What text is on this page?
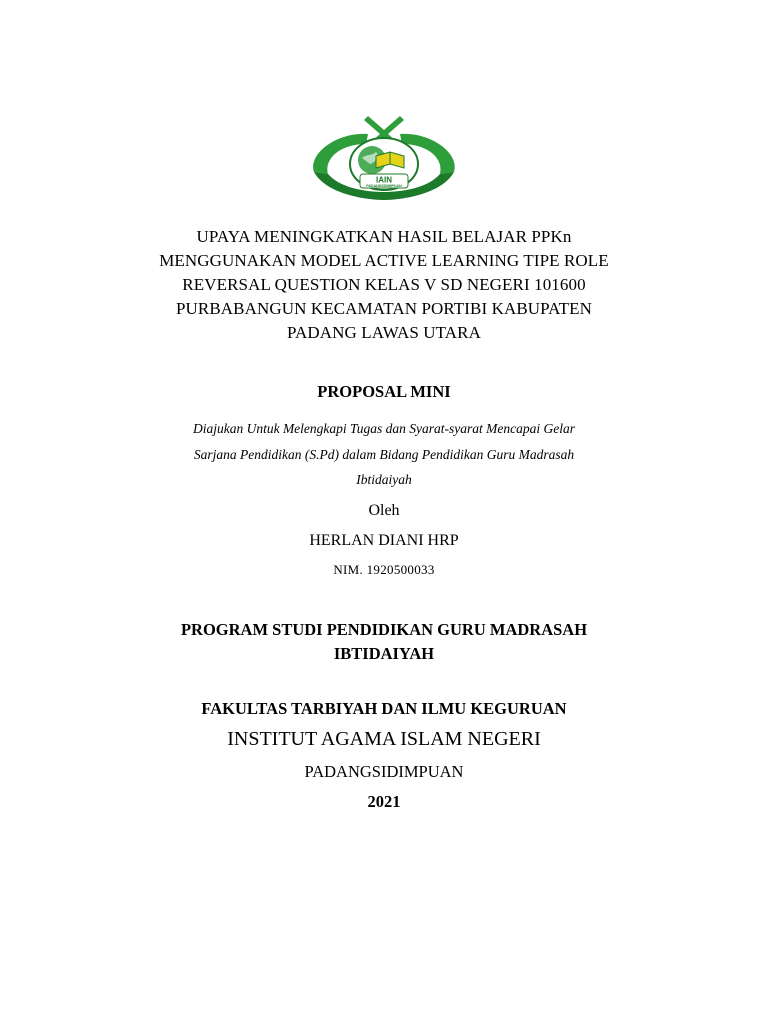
IAIN
PADANGSIDIMPUAN
UPAYA MENINGKATKAN HASIL BELAJAR PPKn
MENGGUNAKAN MODEL ACTIVE LEARNING TIPE ROLE
REVERSAL QUESTION KELAS V SD NEGERI 101600
PURBABANGUN KECAMATAN PORTIBI KABUPATEN
PADANG LAWAS UTARA
PROPOSAL MINI
Diajukan Untuk Melengkapi Tugas dan Syarat-syarat Mencapai Gelar
Sarjana Pendidikan (S.Pd) dalam Bidang Pendidikan Guru Madrasah
Ibtidaiyah
Oleh
HERLAN DIANI HRP
NIM. 1920500033
PROGRAM STUDI PENDIDIKAN GURU MADRASAH
IBTIDAIYAH
FAKULTAS TARBIYAH DAN ILMU KEGURUAN
INSTITUT AGAMA ISLAM NEGERI
PADANGSIDIMPUAN
2021
